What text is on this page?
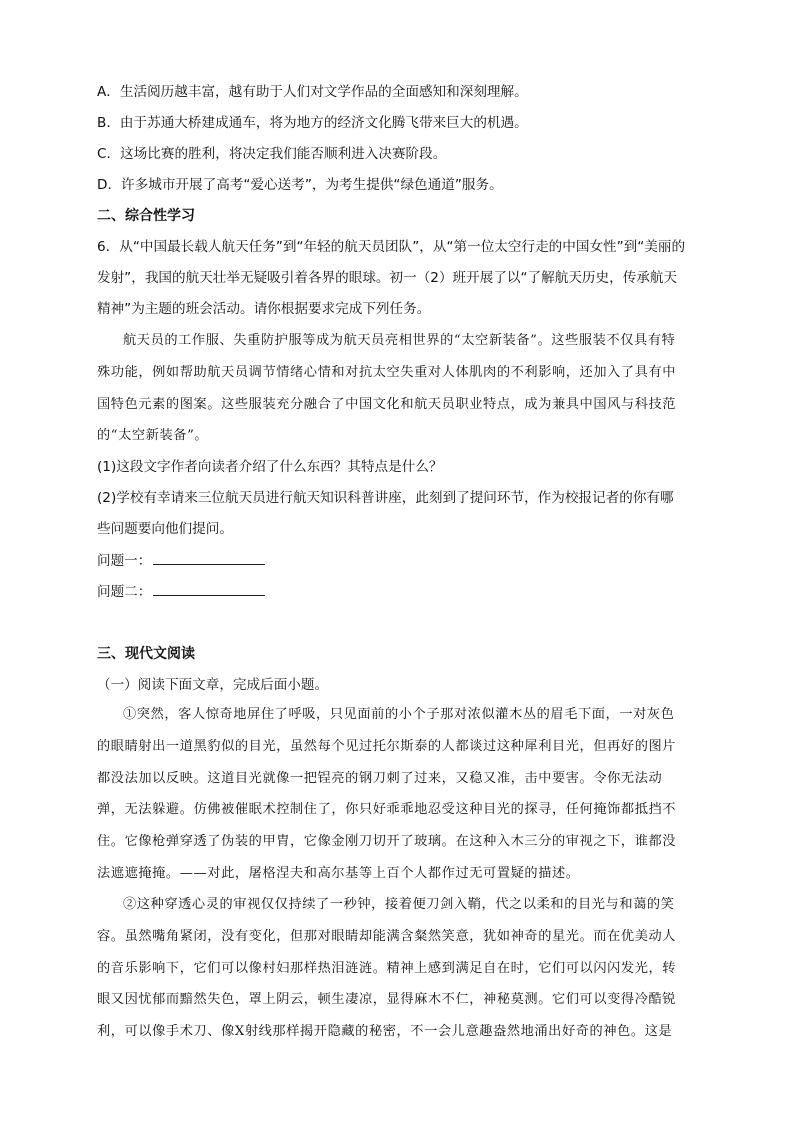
A．生活阅历越丰富，越有助于人们对文学作品的全面感知和深刻理解。
B．由于苏通大桥建成通车，将为地方的经济文化腾飞带来巨大的机遇。
C．这场比赛的胜利，将决定我们能否顺利进入决赛阶段。
D．许多城市开展了高考“爱心送考”，为考生提供“绿色通道”服务。
二、综合性学习
6．从“中国最长载人航天任务”到“年轻的航天员团队”，从“第一位太空行走的中国女性”到“美丽的
发射”，我国的航天壮举无疑吸引着各界的眼球。初一（2）班开展了以“了解航天历史，传承航天
精神”为主题的班会活动。请你根据要求完成下列任务。
航天员的工作服、失重防护服等成为航天员亮相世界的“太空新装备”。这些服装不仅具有特
殊功能，例如帮助航天员调节情绪心情和对抗太空失重对人体肌肉的不利影响，还加入了具有中
国特色元素的图案。这些服装充分融合了中国文化和航天员职业特点，成为兼具中国风与科技范
的“太空新装备”。
(1)这段文字作者向读者介绍了什么东西？其特点是什么？
(2)学校有幸请来三位航天员进行航天知识科普讲座，此刻到了提问环节，作为校报记者的你有哪
些问题要向他们提问。
问题一：
问题二：
三、现代文阅读
（一）阅读下面文章，完成后面小题。
①突然，客人惊奇地屏住了呼吸，只见面前的小个子那对浓似灌木丛的眉毛下面，一对灰色
的眼睛射出一道黑豹似的目光，虽然每个见过托尔斯泰的人都谈过这种犀利目光，但再好的图片
都没法加以反映。这道目光就像一把锃亮的钢刀刺了过来，又稳又准，击中要害。令你无法动
弹，无法躲避。仿佛被催眠术控制住了，你只好乖乖地忍受这种目光的探寻，任何掩饰都抵挡不
住。它像枪弹穿透了伪装的甲胄，它像金刚刀切开了玻璃。在这种入木三分的审视之下，谁都没
法遮遮掩掩。——对此，屠格涅夫和高尔基等上百个人都作过无可置疑的描述。
②这种穿透心灵的审视仅仅持续了一秒钟，接着便刀剑入鞘，代之以柔和的目光与和蔼的笑
容。虽然嘴角紧闭，没有变化，但那对眼睛却能满含粲然笑意，犹如神奇的星光。而在优美动人
的音乐影响下，它们可以像村妇那样热泪涟涟。精神上感到满足自在时，它们可以闪闪发光，转
眼又因忧郁而黯然失色，罩上阴云，顿生凄凉，显得麻木不仁，神秘莫测。它们可以变得冷酷锐
利，可以像手术刀、像X射线那样揭开隐藏的秘密，不一会儿意趣盎然地涌出好奇的神色。这是
